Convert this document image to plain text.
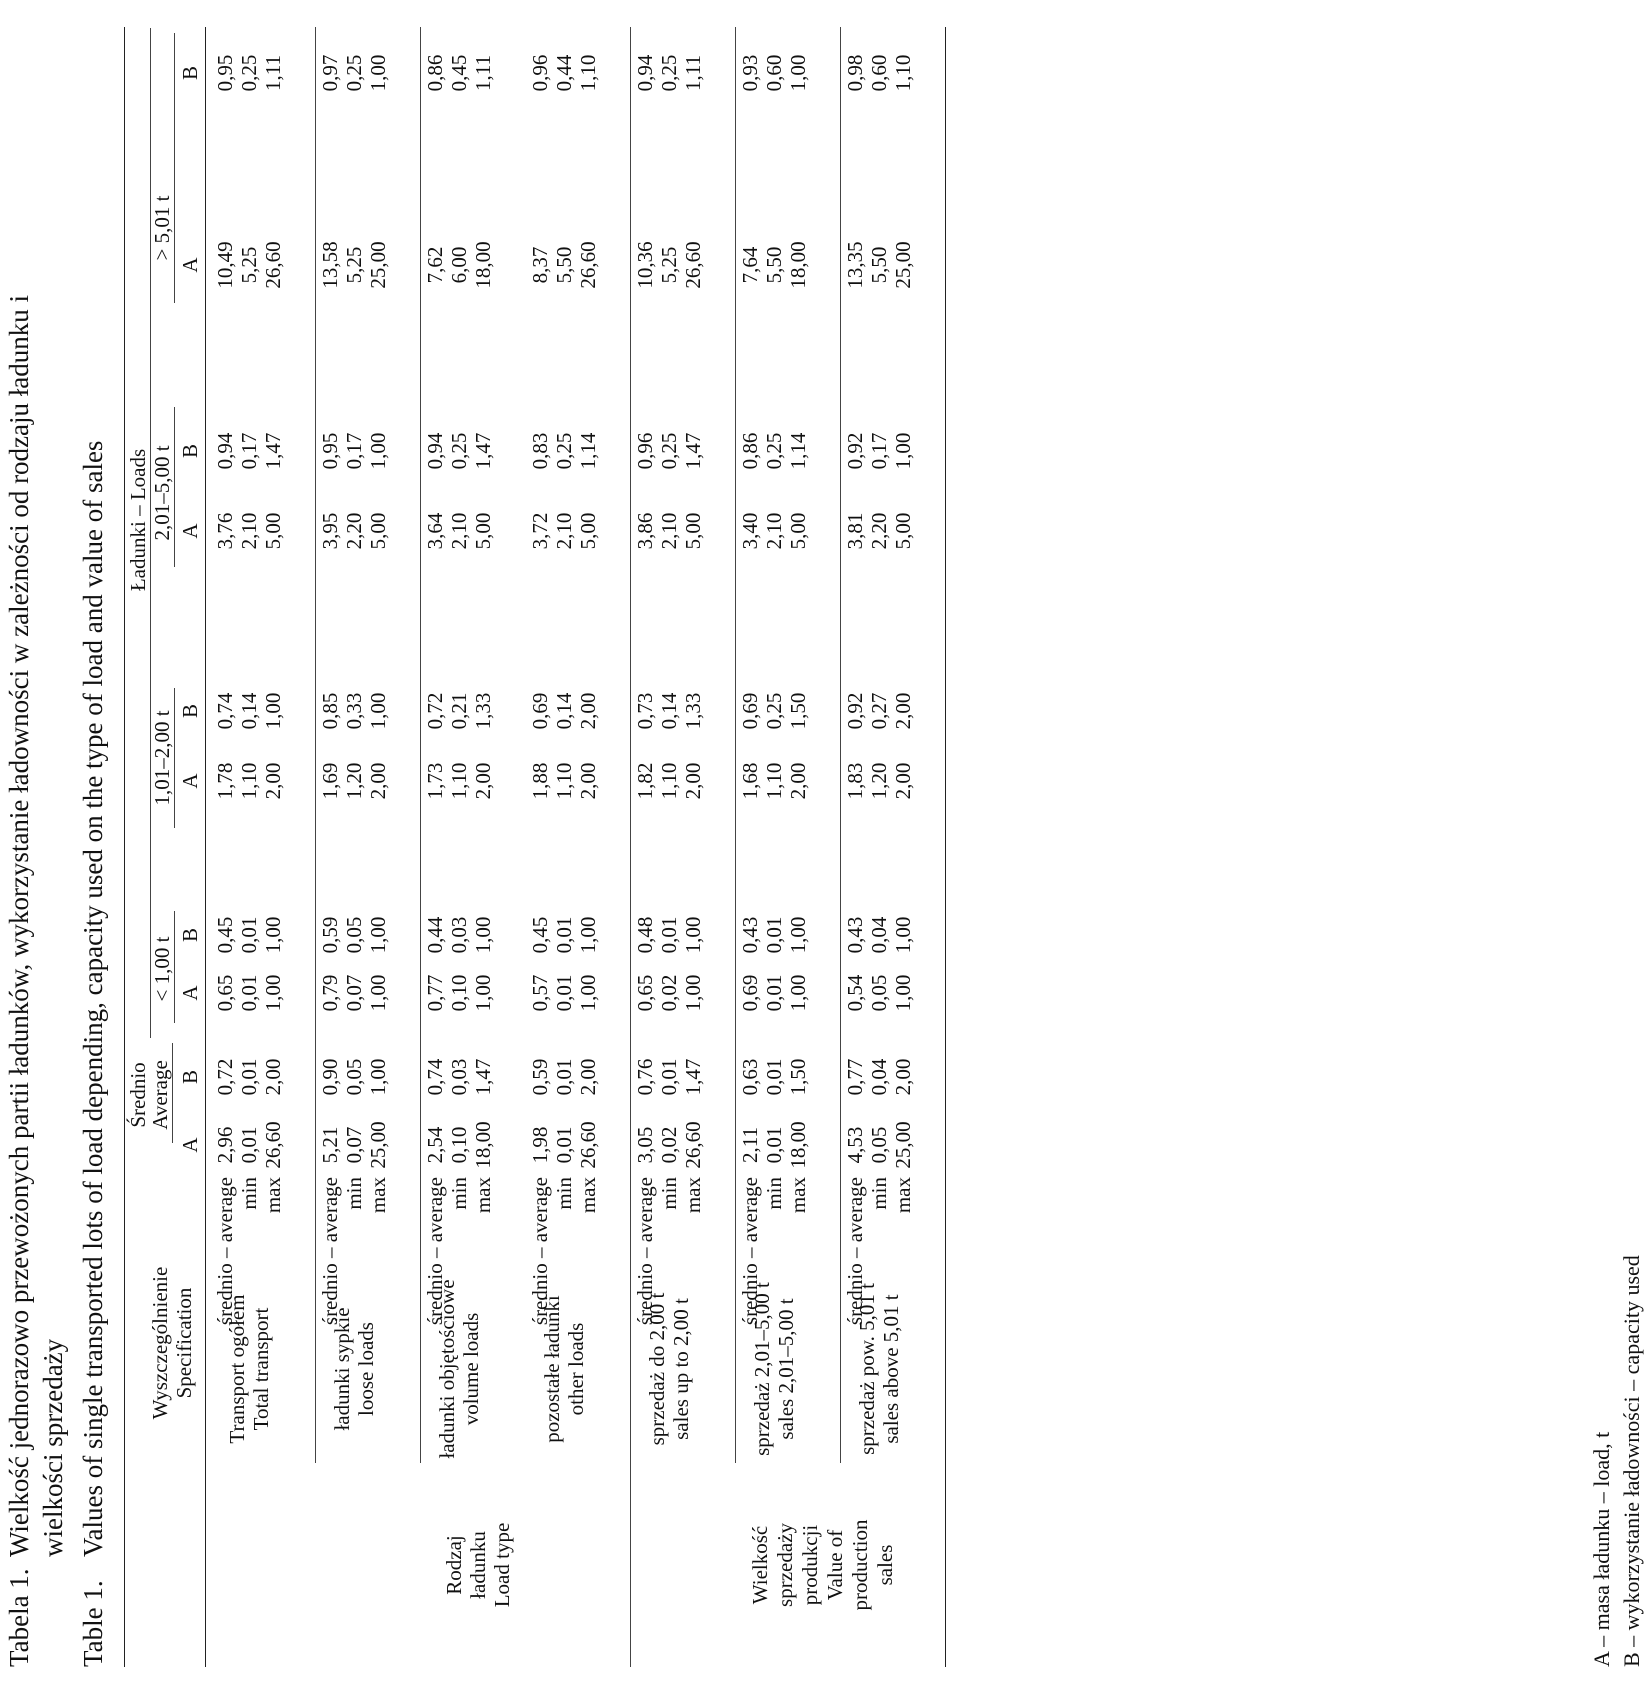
Tabela 1.Wielkość jednorazowo przewożonych partii ładunków, wykorzystanie ładowności w zależności od rodzaju ładunku i wielkości sprzedaży
Table 1.Values of single transported lots of load depending, capacity used on the type of load and value of sales Wyszczególnienie Specification
Średnio
Average
Ładunki – Loads
< 1,00 t
1,01–2,00 t
2,01–5,00 t
> 5,01 t
A
B
A
B
A
B
A
B
A
B
Rodzaj ładunku Load type	Wielkość sprzedaży produkcji Value of production sales
Transport ogółem Total transport
średnio – average min max
2,96 0,01 26,60
0,72 0,01 2,00
0,65 0,01 1,00
0,45 0,01 1,00
1,78 1,10 2,00
0,74 0,14 1,00
3,76 2,10 5,00
0,94 0,17 1,47
10,49 5,25 26,60
0,95 0,25 1,11
ładunki sypkie loose loads
średnio – average min max
5,21 0,07 25,00
0,90 0,05 1,00
0,79 0,07 1,00
0,59 0,05 1,00
1,69 1,20 2,00
0,85 0,33 1,00
3,95 2,20 5,00
0,95 0,17 1,00
13,58 5,25 25,00
0,97 0,25 1,00
ładunki objętościowe volume loads
średnio – average min max
2,54 0,10 18,00
0,74 0,03 1,47
0,77 0,10 1,00
0,44 0,03 1,00
1,73 1,10 2,00
0,72 0,21 1,33
3,64 2,10 5,00
0,94 0,25 1,47
7,62 6,00 18,00
0,86 0,45 1,11
pozostałe ładunki other loads
średnio – average min max
1,98 0,01 26,60
0,59 0,01 2,00
0,57 0,01 1,00
0,45 0,01 1,00
1,88 1,10 2,00
0,69 0,14 2,00
3,72 2,10 5,00
0,83 0,25 1,14
8,37 5,50 26,60
0,96 0,44 1,10
sprzedaż do 2,00 t sales up to 2,00 t
średnio – average min max
3,05 0,02 26,60
0,76 0,01 1,47
0,65 0,02 1,00
0,48 0,01 1,00
1,82 1,10 2,00
0,73 0,14 1,33
3,86 2,10 5,00
0,96 0,25 1,47
10,36 5,25 26,60
0,94 0,25 1,11
sprzedaż 2,01–5,00 t sales 2,01–5,00 t
średnio – average min max
2,11 0,01 18,00
0,63 0,01 1,50
0,69 0,01 1,00
0,43 0,01 1,00
1,68 1,10 2,00
0,69 0,25 1,50
3,40 2,10 5,00
0,86 0,25 1,14
7,64 5,50 18,00
0,93 0,60 1,00
sprzedaż pow. 5,01 t sales above 5,01 t
średnio – average min max
4,53 0,05 25,00
0,77 0,04 2,00
0,54 0,05 1,00
0,43 0,04 1,00
1,83 1,20 2,00
0,92 0,27 2,00
3,81 2,20 5,00
0,92 0,17 1,00
13,35 5,50 25,00
0,98 0,60 1,10
A – masa ładunku – load, t B – wykorzystanie ładowności – capacity used
